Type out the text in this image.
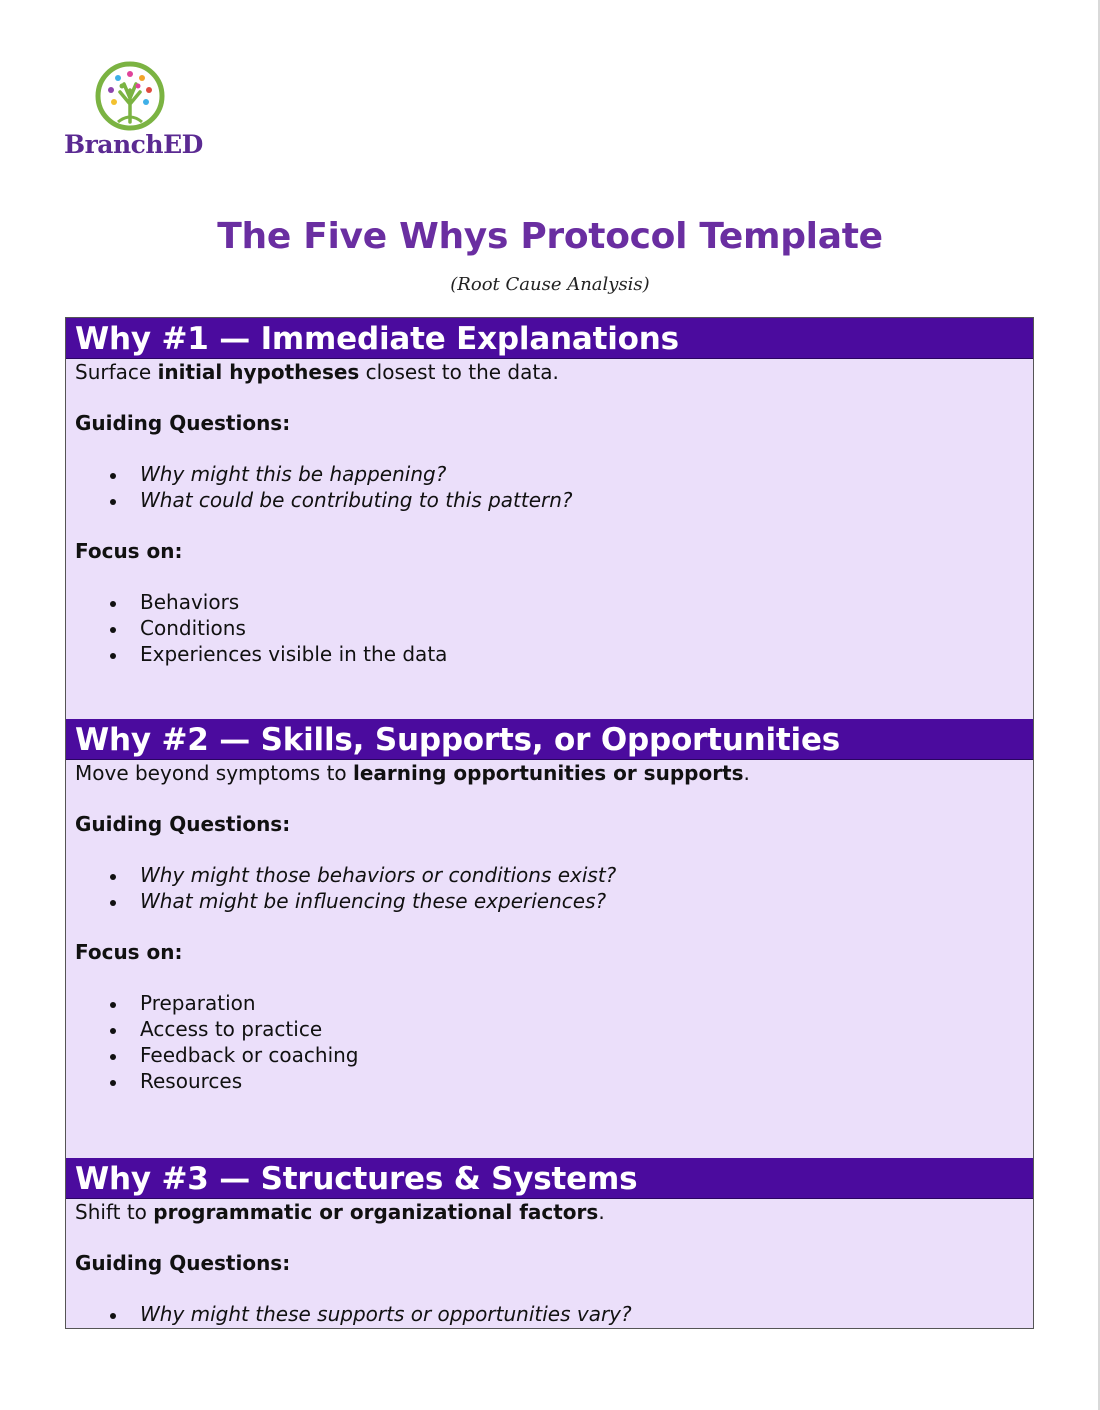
BranchED
The Five Whys Protocol Template
(Root Cause Analysis)
Why #1 — Immediate Explanations
Surface initial hypotheses closest to the data.
Guiding Questions:
Why might this be happening?
What could be contributing to this pattern?
Focus on:
Behaviors
Conditions
Experiences visible in the data
Why #2 — Skills, Supports, or Opportunities
Move beyond symptoms to learning opportunities or supports.
Guiding Questions:
Why might those behaviors or conditions exist?
What might be influencing these experiences?
Focus on:
Preparation
Access to practice
Feedback or coaching
Resources
Why #3 — Structures & Systems
Shift to programmatic or organizational factors.
Guiding Questions:
Why might these supports or opportunities vary?
